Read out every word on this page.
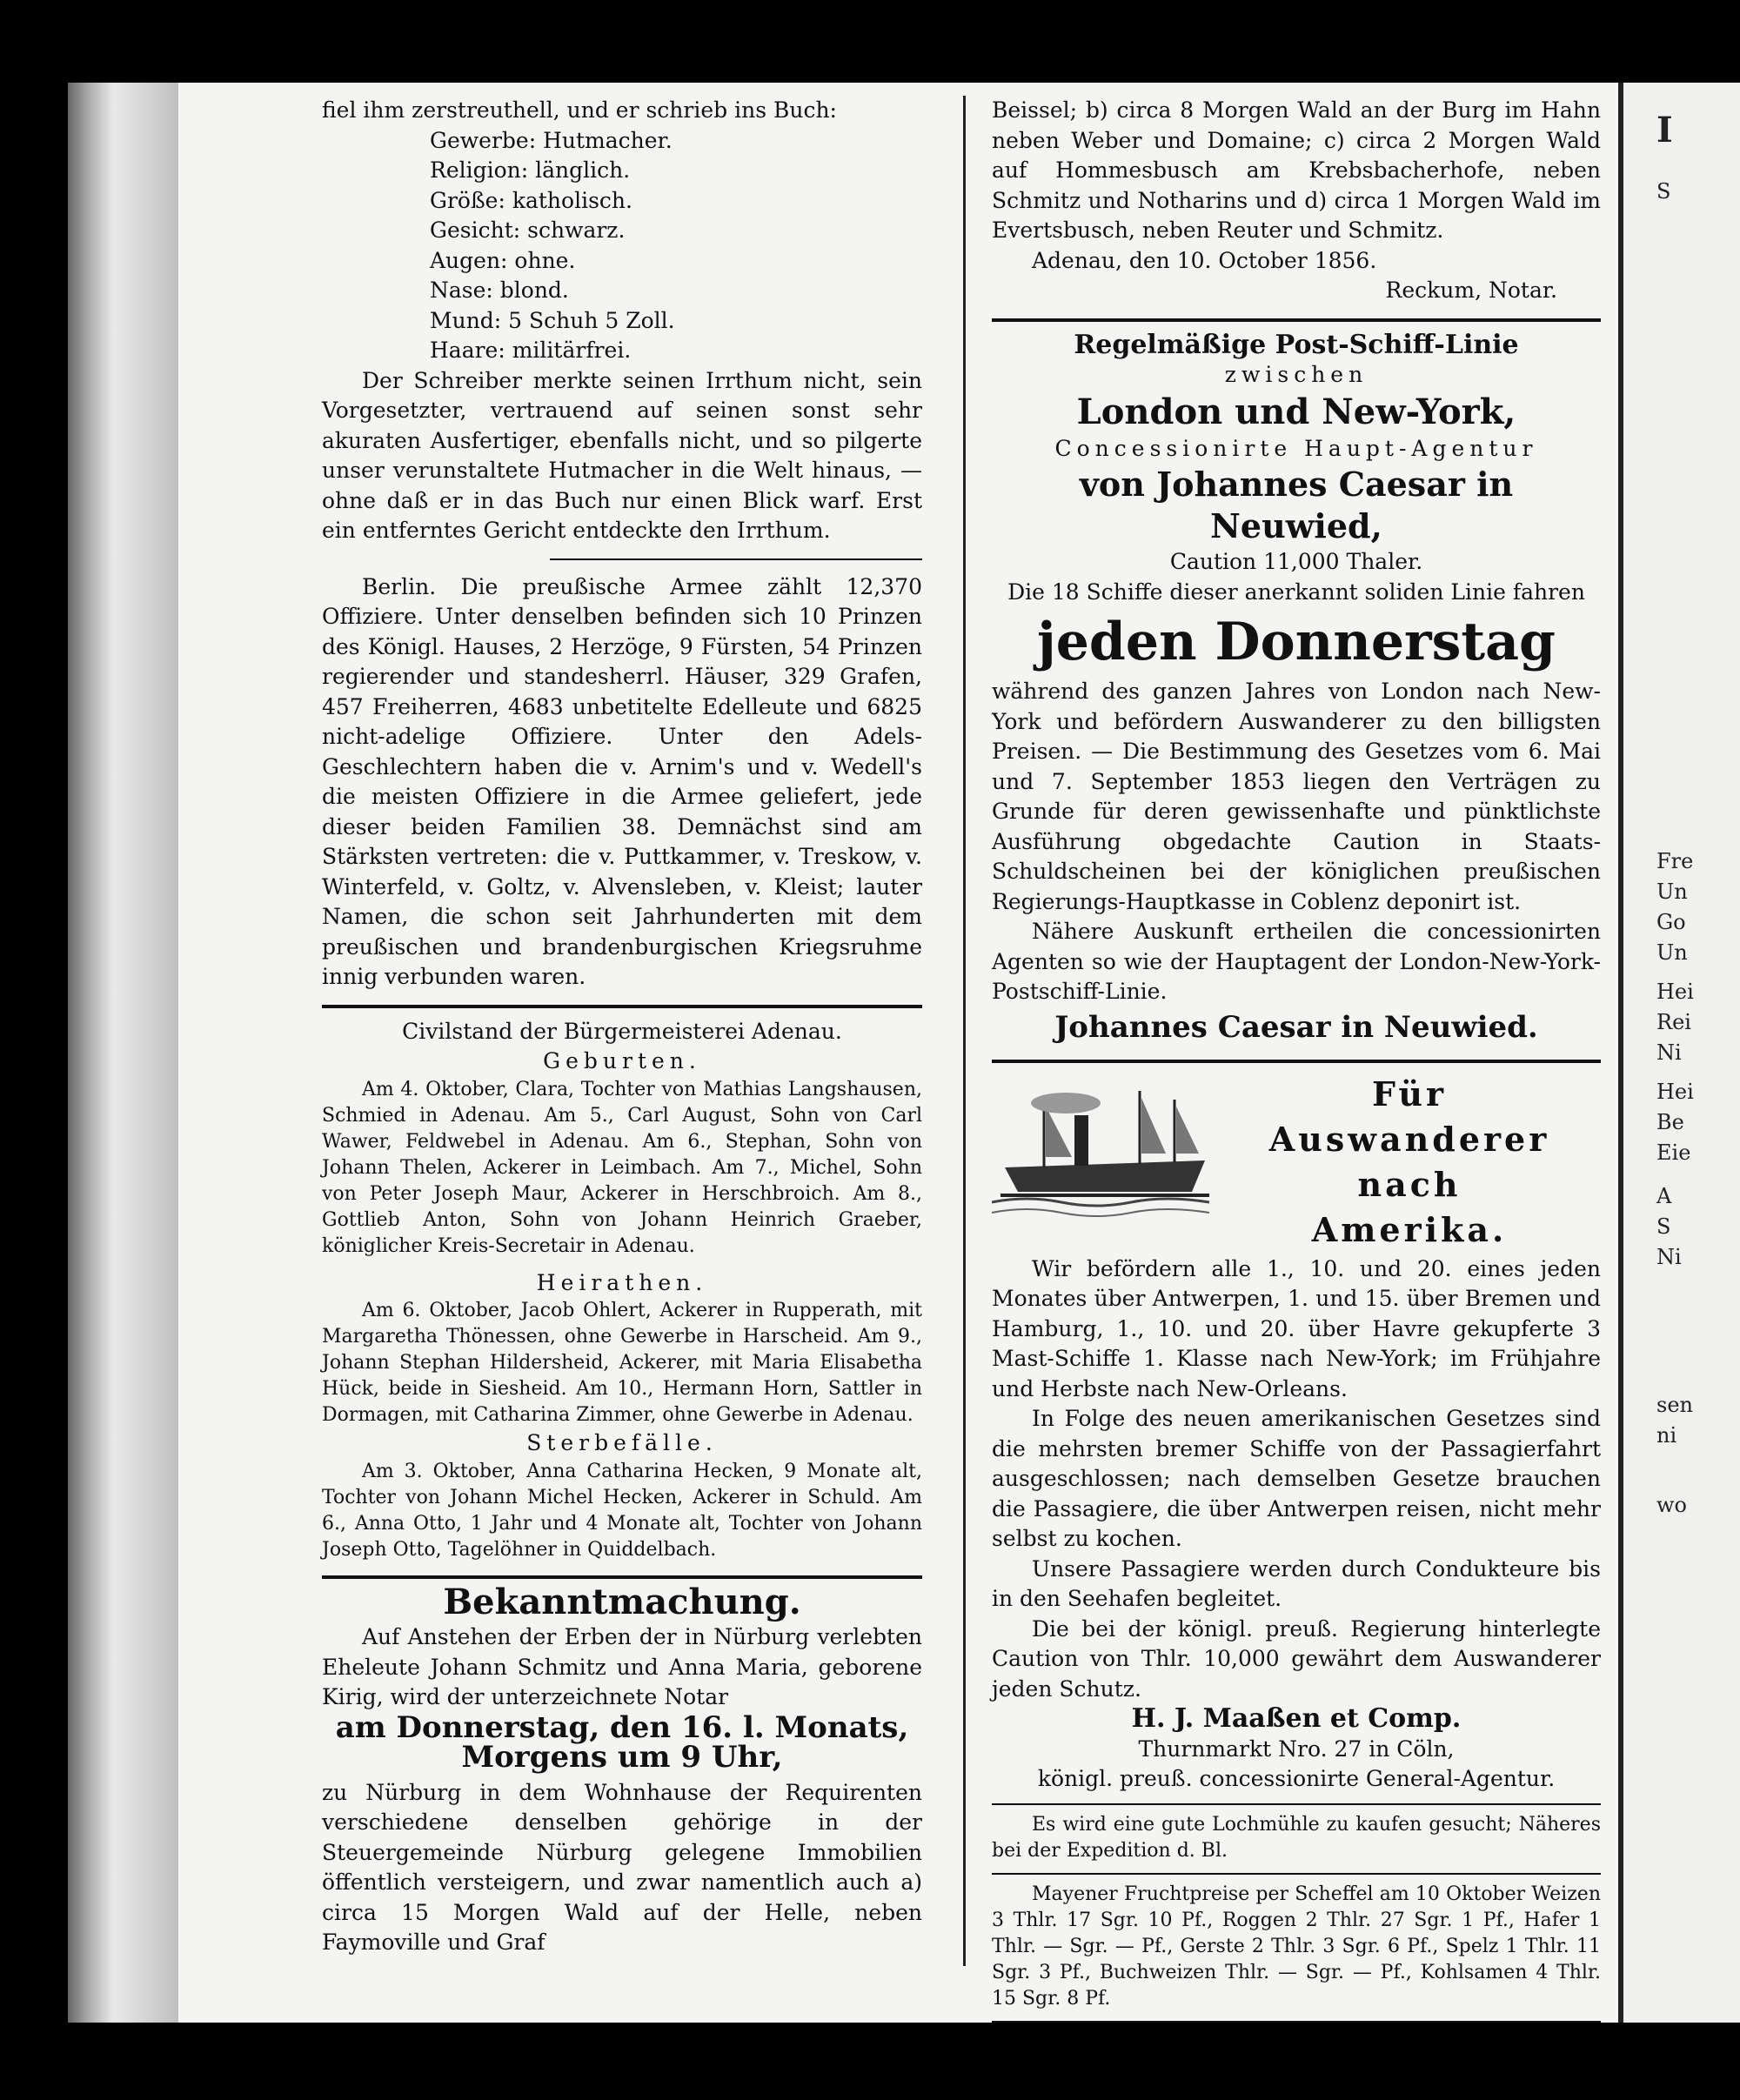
fiel ihm zerstreuthell, und er schrieb ins Buch:

Gewerbe: Hutmacher.

Religion: länglich.

Größe: katholisch.

Gesicht: schwarz.

Augen: ohne.

Nase: blond.

Mund: 5 Schuh 5 Zoll.

Haare: militärfrei.

Der Schreiber merkte seinen Irrthum nicht, sein Vorgesetzter, vertrauend auf seinen sonst sehr akuraten Ausfertiger, ebenfalls nicht, und so pilgerte unser verunstaltete Hutmacher in die Welt hinaus, — ohne daß er in das Buch nur einen Blick warf. Erst ein entferntes Gericht entdeckte den Irrthum.

Berlin. Die preußische Armee zählt 12,370 Offiziere. Unter denselben befinden sich 10 Prinzen des Königl. Hauses, 2 Herzöge, 9 Fürsten, 54 Prinzen regierender und standesherrl. Häuser, 329 Grafen, 457 Freiherren, 4683 unbetitelte Edelleute und 6825 nicht-adelige Offiziere. Unter den Adels-Geschlechtern haben die v. Arnim's und v. Wedell's die meisten Offiziere in die Armee geliefert, jede dieser beiden Familien 38. Demnächst sind am Stärksten vertreten: die v. Puttkammer, v. Treskow, v. Winterfeld, v. Goltz, v. Alvensleben, v. Kleist; lauter Namen, die schon seit Jahrhunderten mit dem preußischen und brandenburgischen Kriegsruhme innig verbunden waren.

Civilstand der Bürgermeisterei Adenau.

Geburten.

Am 4. Oktober, Clara, Tochter von Mathias Langshausen, Schmied in Adenau. Am 5., Carl August, Sohn von Carl Wawer, Feldwebel in Adenau. Am 6., Stephan, Sohn von Johann Thelen, Ackerer in Leimbach. Am 7., Michel, Sohn von Peter Joseph Maur, Ackerer in Herschbroich. Am 8., Gottlieb Anton, Sohn von Johann Heinrich Graeber, königlicher Kreis-Secretair in Adenau.

Heirathen.

Am 6. Oktober, Jacob Ohlert, Ackerer in Rupperath, mit Margaretha Thönessen, ohne Gewerbe in Harscheid. Am 9., Johann Stephan Hildersheid, Ackerer, mit Maria Elisabetha Hück, beide in Siesheid. Am 10., Hermann Horn, Sattler in Dormagen, mit Catharina Zimmer, ohne Gewerbe in Adenau.

Sterbefälle.

Am 3. Oktober, Anna Catharina Hecken, 9 Monate alt, Tochter von Johann Michel Hecken, Ackerer in Schuld. Am 6., Anna Otto, 1 Jahr und 4 Monate alt, Tochter von Johann Joseph Otto, Tagelöhner in Quiddelbach.

Bekanntmachung.

Auf Anstehen der Erben der in Nürburg verlebten Eheleute Johann Schmitz und Anna Maria, geborene Kirig, wird der unterzeichnete Notar

am Donnerstag, den 16. l. Monats,

Morgens um 9 Uhr,

zu Nürburg in dem Wohnhause der Requirenten verschiedene denselben gehörige in der Steuergemeinde Nürburg gelegene Immobilien öffentlich versteigern, und zwar namentlich auch a) circa 15 Morgen Wald auf der Helle, neben Faymoville und Graf

Beissel; b) circa 8 Morgen Wald an der Burg im Hahn neben Weber und Domaine; c) circa 2 Morgen Wald auf Hommesbusch am Krebsbacherhofe, neben Schmitz und Notharins und d) circa 1 Morgen Wald im Evertsbusch, neben Reuter und Schmitz.

Adenau, den 10. October 1856.

Reckum, Notar.

Regelmäßige Post-Schiff-Linie

zwischen

London und New-York,

Concessionirte Haupt-Agentur

von Johannes Caesar in Neuwied,

Caution 11,000 Thaler.

Die 18 Schiffe dieser anerkannt soliden Linie fahren

jeden Donnerstag

während des ganzen Jahres von London nach New-York und befördern Auswanderer zu den billigsten Preisen. — Die Bestimmung des Gesetzes vom 6. Mai und 7. September 1853 liegen den Verträgen zu Grunde für deren gewissenhafte und pünktlichste Ausführung obgedachte Caution in Staats-Schuldscheinen bei der königlichen preußischen Regierungs-Hauptkasse in Coblenz deponirt ist.

Nähere Auskunft ertheilen die concessionirten Agenten so wie der Hauptagent der London-New-York-Postschiff-Linie.

Johannes Caesar in Neuwied.

Für
Auswanderer nach
Amerika.

Wir befördern alle 1., 10. und 20. eines jeden Monates über Antwerpen, 1. und 15. über Bremen und Hamburg, 1., 10. und 20. über Havre gekupferte 3 Mast-Schiffe 1. Klasse nach New-York; im Frühjahre und Herbste nach New-Orleans.

In Folge des neuen amerikanischen Gesetzes sind die mehrsten bremer Schiffe von der Passagierfahrt ausgeschlossen; nach demselben Gesetze brauchen die Passagiere, die über Antwerpen reisen, nicht mehr selbst zu kochen.

Unsere Passagiere werden durch Condukteure bis in den Seehafen begleitet.

Die bei der königl. preuß. Regierung hinterlegte Caution von Thlr. 10,000 gewährt dem Auswanderer jeden Schutz.

H. J. Maaßen et Comp.

Thurnmarkt Nro. 27 in Cöln,

königl. preuß. concessionirte General-Agentur.

Es wird eine gute Lochmühle zu kaufen gesucht; Näheres bei der Expedition d. Bl.

Mayener Fruchtpreise per Scheffel am 10 Oktober Weizen 3 Thlr. 17 Sgr. 10 Pf., Roggen 2 Thlr. 27 Sgr. 1 Pf., Hafer 1 Thlr. — Sgr. — Pf., Gerste 2 Thlr. 3 Sgr. 6 Pf., Spelz 1 Thlr. 11 Sgr. 3 Pf., Buchweizen Thlr. — Sgr. — Pf., Kohlsamen 4 Thlr. 15 Sgr. 8 Pf.

I
S
Fre
Un
Go
Un
Hei
Rei
Ni
Hei
Be
Eie
A
S
Ni
sen
ni
wo
